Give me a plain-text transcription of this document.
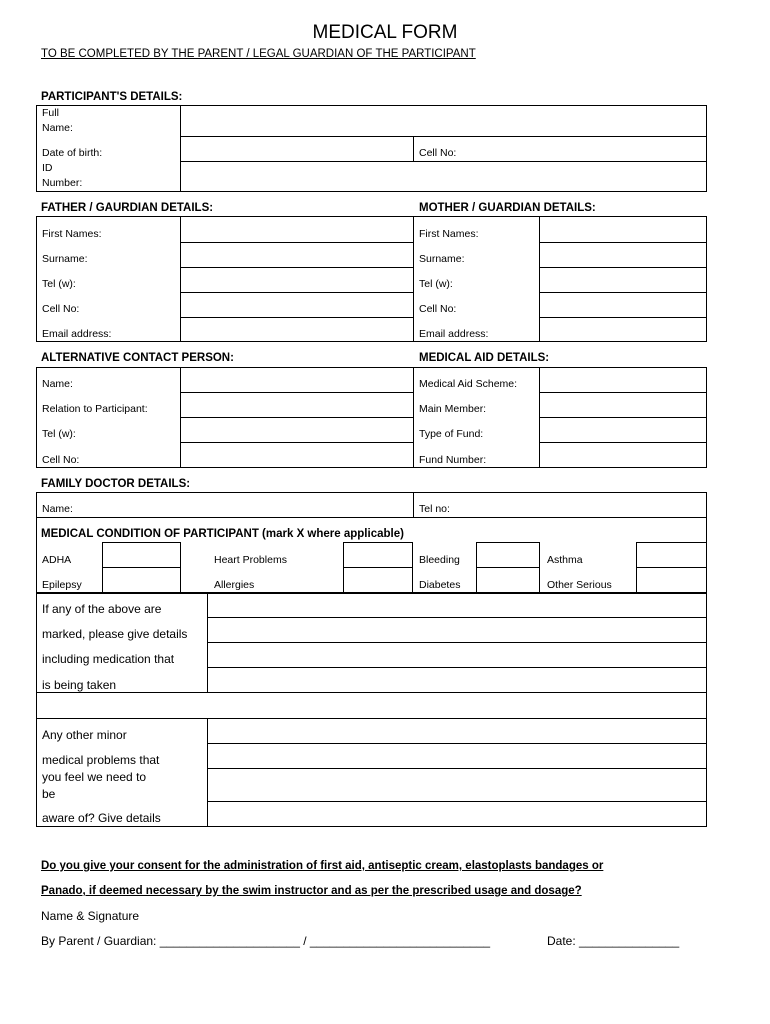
MEDICAL FORM
TO BE COMPLETED BY THE PARENT / LEGAL GUARDIAN OF THE PARTICIPANT
PARTICIPANT'S DETAILS:
Full
Name:
Date of birth:	Cell No:
ID
Number:
FATHER / GAURDIAN DETAILS:	MOTHER / GUARDIAN DETAILS:
First Names:
Surname:
Tel (w):
Cell No:
Email address:
First Names:
Surname:
Tel (w):
Cell No:
Email address:
ALTERNATIVE CONTACT PERSON:	MEDICAL AID DETAILS:
Name:
Relation to Participant:
Tel (w):
Cell No:
Medical Aid Scheme:
Main Member:
Type of Fund:
Fund Number:
FAMILY DOCTOR DETAILS:
Name:	Tel no:
MEDICAL CONDITION OF PARTICIPANT (mark X where applicable)
ADHA	Heart Problems	Bleeding	Asthma
Epilepsy	Allergies	Diabetes	Other Serious
If any of the above are
marked, please give details
including medication that
is being taken
Any other minor
medical problems that
you feel we need to
be
aware of? Give details
Do you give your consent for the administration of first aid, antiseptic cream, elastoplasts bandages or
Panado, if deemed necessary by the swim instructor and as per the prescribed usage and dosage?
Name & Signature
By Parent / Guardian: _____________________ / ___________________________	Date: _______________
